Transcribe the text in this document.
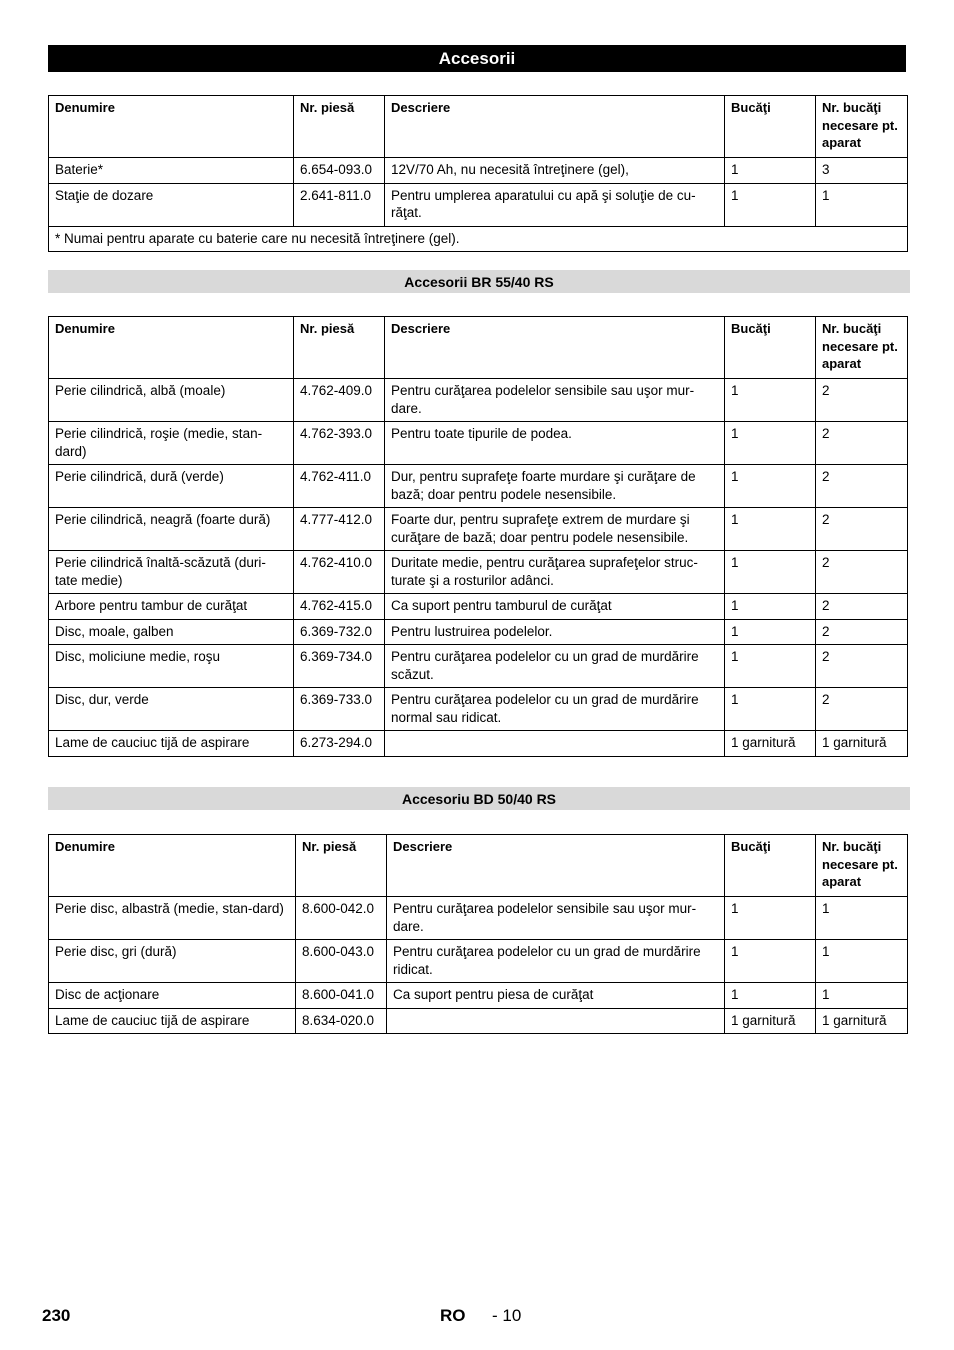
Accesorii
Denumire	Nr. piesă	Descriere	Bucăţi	Nr. bucăţi necesare pt. aparat
Baterie*	6.654-093.0	12V/70 Ah, nu necesită întreţinere (gel),	1	3
Staţie de dozare	2.641-811.0	Pentru umplerea aparatului cu apă şi soluţie de cu-răţat.	1	1
* Numai pentru aparate cu baterie care nu necesită întreţinere (gel).				
Accesorii BR 55/40 RS
Denumire	Nr. piesă	Descriere	Bucăţi	Nr. bucăţi necesare pt. aparat
Perie cilindrică, albă (moale)	4.762-409.0	Pentru curăţarea podelelor sensibile sau uşor mur-dare.	1	2
Perie cilindrică, roşie (medie, stan-dard)	4.762-393.0	Pentru toate tipurile de podea.	1	2
Perie cilindrică, dură (verde)	4.762-411.0	Dur, pentru suprafeţe foarte murdare şi curăţare de bază; doar pentru podele nesensibile.	1	2
Perie cilindrică, neagră (foarte dură)	4.777-412.0	Foarte dur, pentru suprafeţe extrem de murdare şi curăţare de bază; doar pentru podele nesensibile.	1	2
Perie cilindrică înaltă-scăzută (duri-tate medie)	4.762-410.0	Duritate medie, pentru curăţarea suprafeţelor struc-turate şi a rosturilor adânci.	1	2
Arbore pentru tambur de curăţat	4.762-415.0	Ca suport pentru tamburul de curăţat	1	2
Disc, moale, galben	6.369-732.0	Pentru lustruirea podelelor.	1	2
Disc, moliciune medie, roşu	6.369-734.0	Pentru curăţarea podelelor cu un grad de murdărire scăzut.	1	2
Disc, dur, verde	6.369-733.0	Pentru curăţarea podelelor cu un grad de murdărire normal sau ridicat.	1	2
Lame de cauciuc tijă de aspirare	6.273-294.0		1 garnitură	1 garnitură
Accesoriu BD 50/40 RS
Denumire	Nr. piesă	Descriere	Bucăţi	Nr. bucăţi necesare pt. aparat
Perie disc, albastră (medie, stan-dard)	8.600-042.0	Pentru curăţarea podelelor sensibile sau uşor mur-dare.	1	1
Perie disc, gri (dură)	8.600-043.0	Pentru curăţarea podelelor cu un grad de murdărire ridicat.	1	1
Disc de acţionare	8.600-041.0	Ca suport pentru piesa de curăţat	1	1
Lame de cauciuc tijă de aspirare	8.634-020.0		1 garnitură	1 garnitură
230	RO - 10
